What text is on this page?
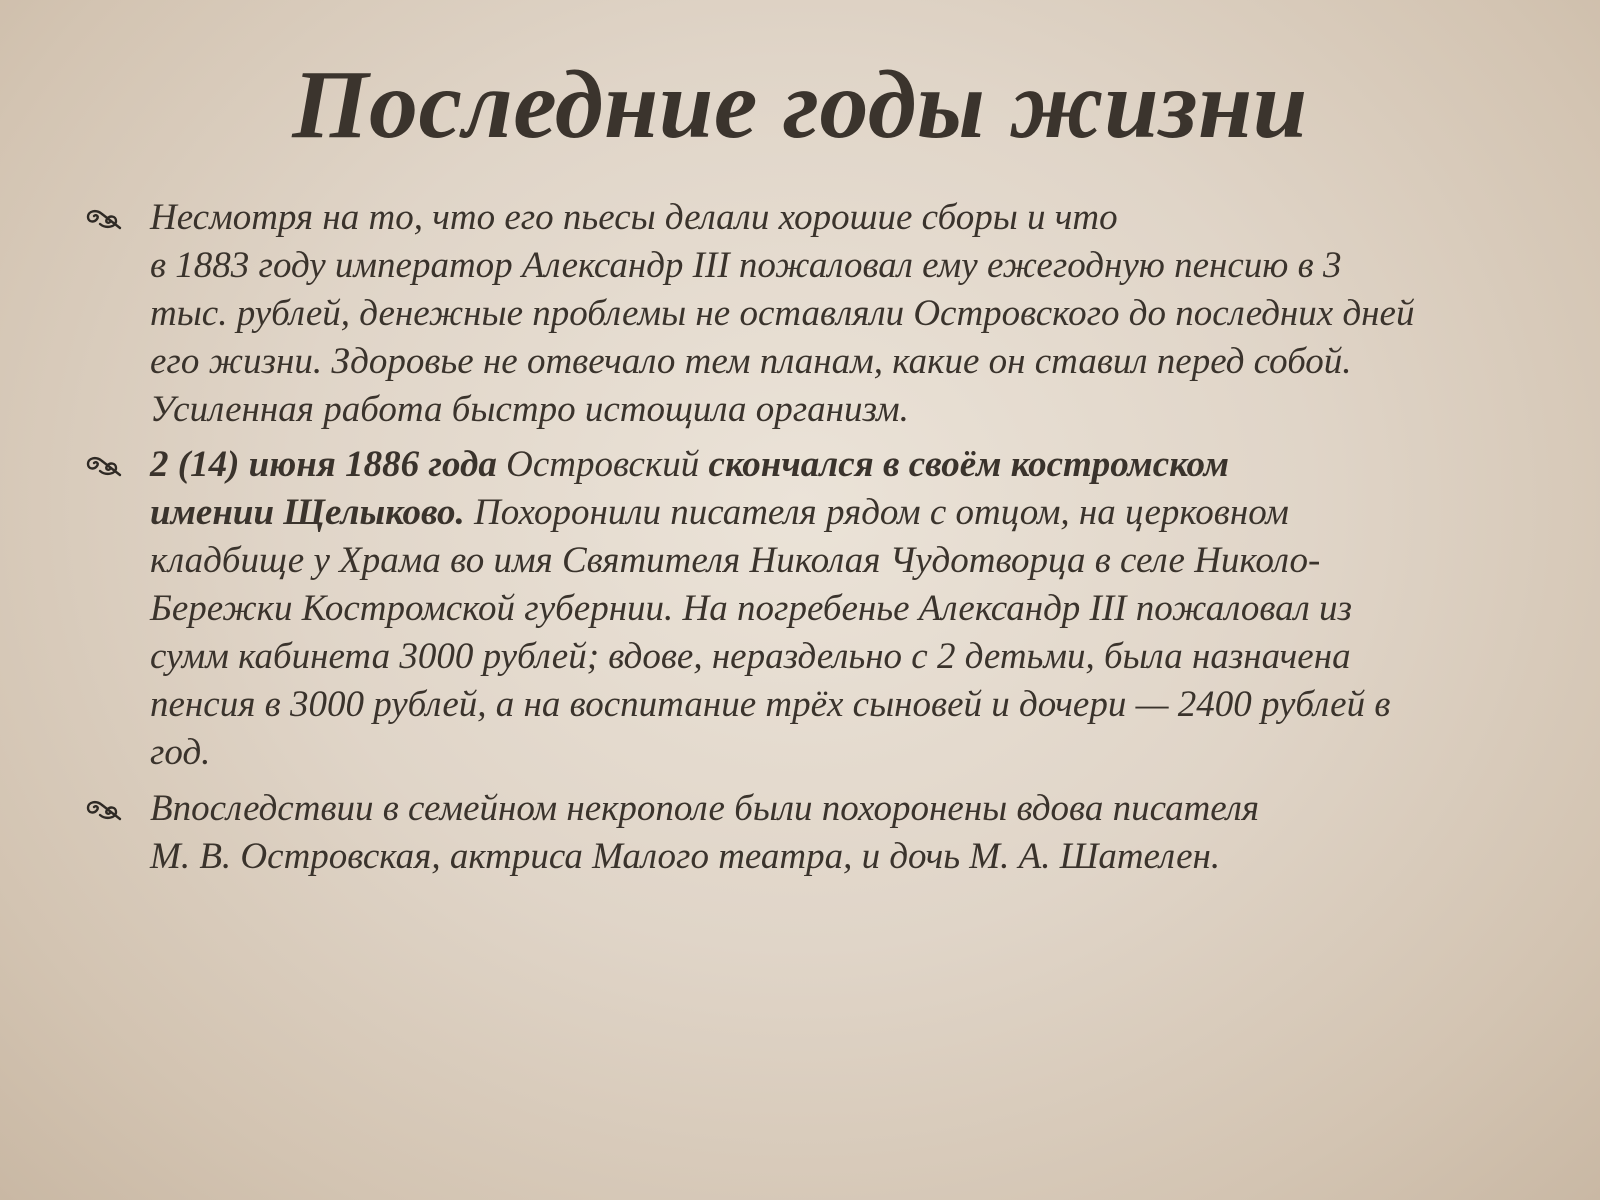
Последние годы жизни
Несмотря на то, что его пьесы делали хорошие сборы и что
в 1883 году император Александр III пожаловал ему ежегодную пенсию в 3
тыс. рублей, денежные проблемы не оставляли Островского до последних дней
его жизни. Здоровье не отвечало тем планам, какие он ставил перед собой.
Усиленная работа быстро истощила организм.
2 (14) июня 1886 года Островский скончался в своём костромском
имении Щелыково. Похоронили писателя рядом с отцом, на церковном
кладбище у Храма во имя Святителя Николая Чудотворца в селе Николо-
Бережки Костромской губернии. На погребенье Александр III пожаловал из
сумм кабинета 3000 рублей; вдове, нераздельно с 2 детьми, была назначена
пенсия в 3000 рублей, а на воспитание трёх сыновей и дочери — 2400 рублей в
год.
Впоследствии в семейном некрополе были похоронены вдова писателя
М. В. Островская, актриса Малого театра, и дочь М. А. Шателен.
